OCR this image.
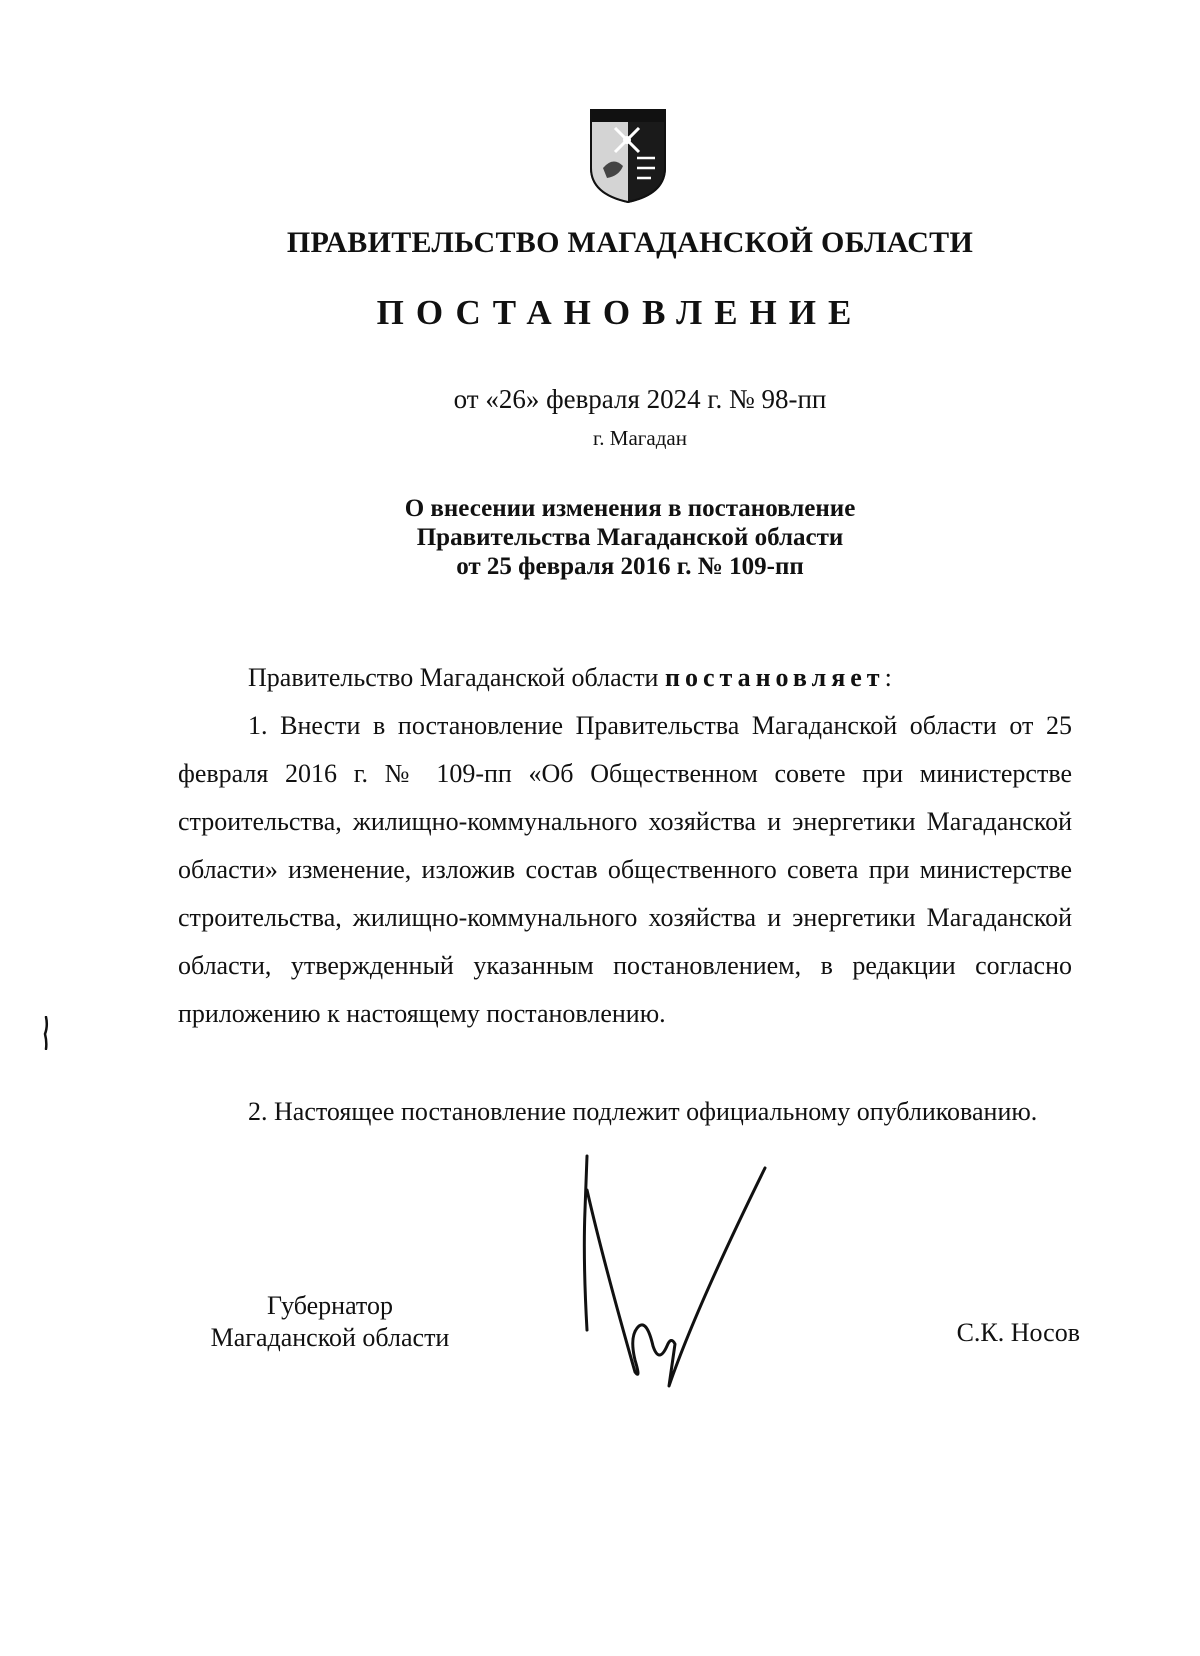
ПРАВИТЕЛЬСТВО МАГАДАНСКОЙ ОБЛАСТИ
ПОСТАНОВЛЕНИЕ
от «26» февраля 2024 г. № 98-пп
г. Магадан
О внесении изменения в постановление
Правительства Магаданской области
от 25 февраля 2016 г. № 109-пп
Правительство Магаданской области постановляет:
1. Внести в постановление Правительства Магаданской области от 25 февраля 2016 г. № 109-пп «Об Общественном совете при министерстве строительства, жилищно-коммунального хозяйства и энергетики Магаданской области» изменение, изложив состав общественного совета при министерстве строительства, жилищно-коммунального хозяйства и энергетики Магаданской области, утвержденный указанным постановлением, в редакции согласно приложению к настоящему постановлению.
2. Настоящее постановление подлежит официальному опубликованию.
Губернатор
Магаданской области	С.К. Носов
